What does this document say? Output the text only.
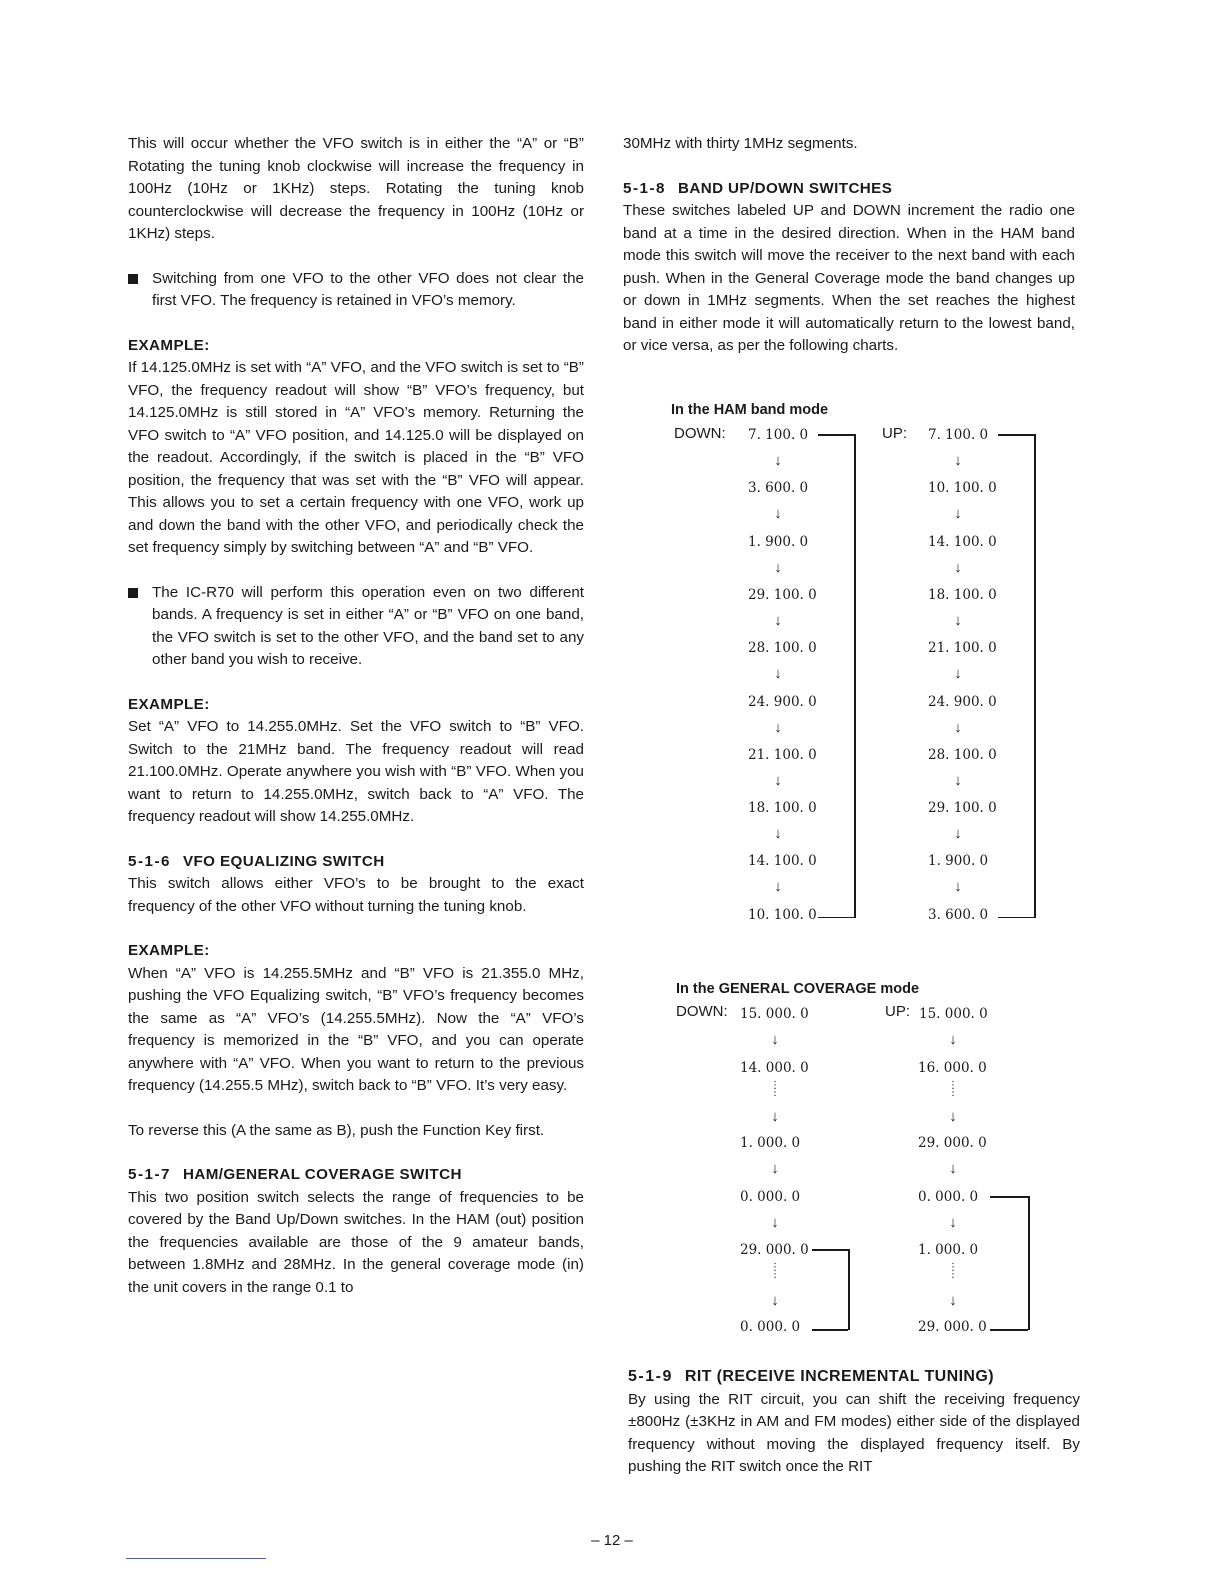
This will occur whether the VFO switch is in either the “A” or “B” Rotating the tuning knob clockwise will increase the frequency in 100Hz (10Hz or 1KHz) steps. Rotating the tuning knob counterclockwise will decrease the frequency in 100Hz (10Hz or 1KHz) steps.

Switching from one VFO to the other VFO does not clear the first VFO. The frequency is retained in VFO’s memory.

EXAMPLE:

If 14.125.0MHz is set with “A” VFO, and the VFO switch is set to “B” VFO, the frequency readout will show “B” VFO’s frequency, but 14.125.0MHz is still stored in “A” VFO’s memory. Returning the VFO switch to “A” VFO position, and 14.125.0 will be displayed on the readout. Accordingly, if the switch is placed in the “B” VFO position, the frequency that was set with the “B” VFO will appear. This allows you to set a certain frequency with one VFO, work up and down the band with the other VFO, and periodically check the set frequency simply by switching between “A” and “B” VFO.

The IC-R70 will perform this operation even on two different bands. A frequency is set in either “A” or “B” VFO on one band, the VFO switch is set to the other VFO, and the band set to any other band you wish to receive.

EXAMPLE:

Set “A” VFO to 14.255.0MHz. Set the VFO switch to “B” VFO. Switch to the 21MHz band. The frequency readout will read 21.100.0MHz. Operate anywhere you wish with “B” VFO. When you want to return to 14.255.0MHz, switch back to “A” VFO. The frequency readout will show 14.255.0MHz.

5-1-6 VFO EQUALIZING SWITCH

This switch allows either VFO’s to be brought to the exact frequency of the other VFO without turning the tuning knob.

EXAMPLE:

When “A” VFO is 14.255.5MHz and “B” VFO is 21.355.0 MHz, pushing the VFO Equalizing switch, “B” VFO’s frequency becomes the same as “A” VFO’s (14.255.5MHz). Now the “A” VFO’s frequency is memorized in the “B” VFO, and you can operate anywhere with “A” VFO. When you want to return to the previous frequency (14.255.5 MHz), switch back to “B” VFO. It’s very easy.

To reverse this (A the same as B), push the Function Key first.

5-1-7 HAM/GENERAL COVERAGE SWITCH

This two position switch selects the range of frequencies to be covered by the Band Up/Down switches. In the HAM (out) position the frequencies available are those of the 9 amateur bands, between 1.8MHz and 28MHz. In the general coverage mode (in) the unit covers in the range 0.1 to

30MHz with thirty 1MHz segments.

5-1-8 BAND UP/DOWN SWITCHES

These switches labeled UP and DOWN increment the radio one band at a time in the desired direction. When in the HAM band mode this switch will move the receiver to the next band with each push. When in the General Coverage mode the band changes up or down in 1MHz segments. When the set reaches the highest band in either mode it will automatically return to the lowest band, or vice versa, as per the following charts.

In the HAM band mode
DOWN:	UP:
7. 100. 0
↓
3. 600. 0
↓
1. 900. 0
↓
29. 100. 0
↓
28. 100. 0
↓
24. 900. 0
↓
21. 100. 0
↓
18. 100. 0
↓
14. 100. 0
↓
10. 100. 0
7. 100. 0
↓
10. 100. 0
↓
14. 100. 0
↓
18. 100. 0
↓
21. 100. 0
↓
24. 900. 0
↓
28. 100. 0
↓
29. 100. 0
↓
1. 900. 0
↓
3. 600. 0
In the GENERAL COVERAGE mode
DOWN:	UP:
15. 000. 0
↓
14. 000. 0
⋮
⋮
↓
1. 000. 0
↓
0. 000. 0
↓
29. 000. 0
⋮
⋮
↓
0. 000. 0
15. 000. 0
↓
16. 000. 0
⋮
⋮
↓
29. 000. 0
↓
0. 000. 0
↓
1. 000. 0
⋮
⋮
↓
29. 000. 0

5-1-9 RIT (RECEIVE INCREMENTAL TUNING)

By using the RIT circuit, you can shift the receiving frequency ±800Hz (±3KHz in AM and FM modes) either side of the displayed frequency without moving the displayed frequency itself. By pushing the RIT switch once the RIT

– 12 –
